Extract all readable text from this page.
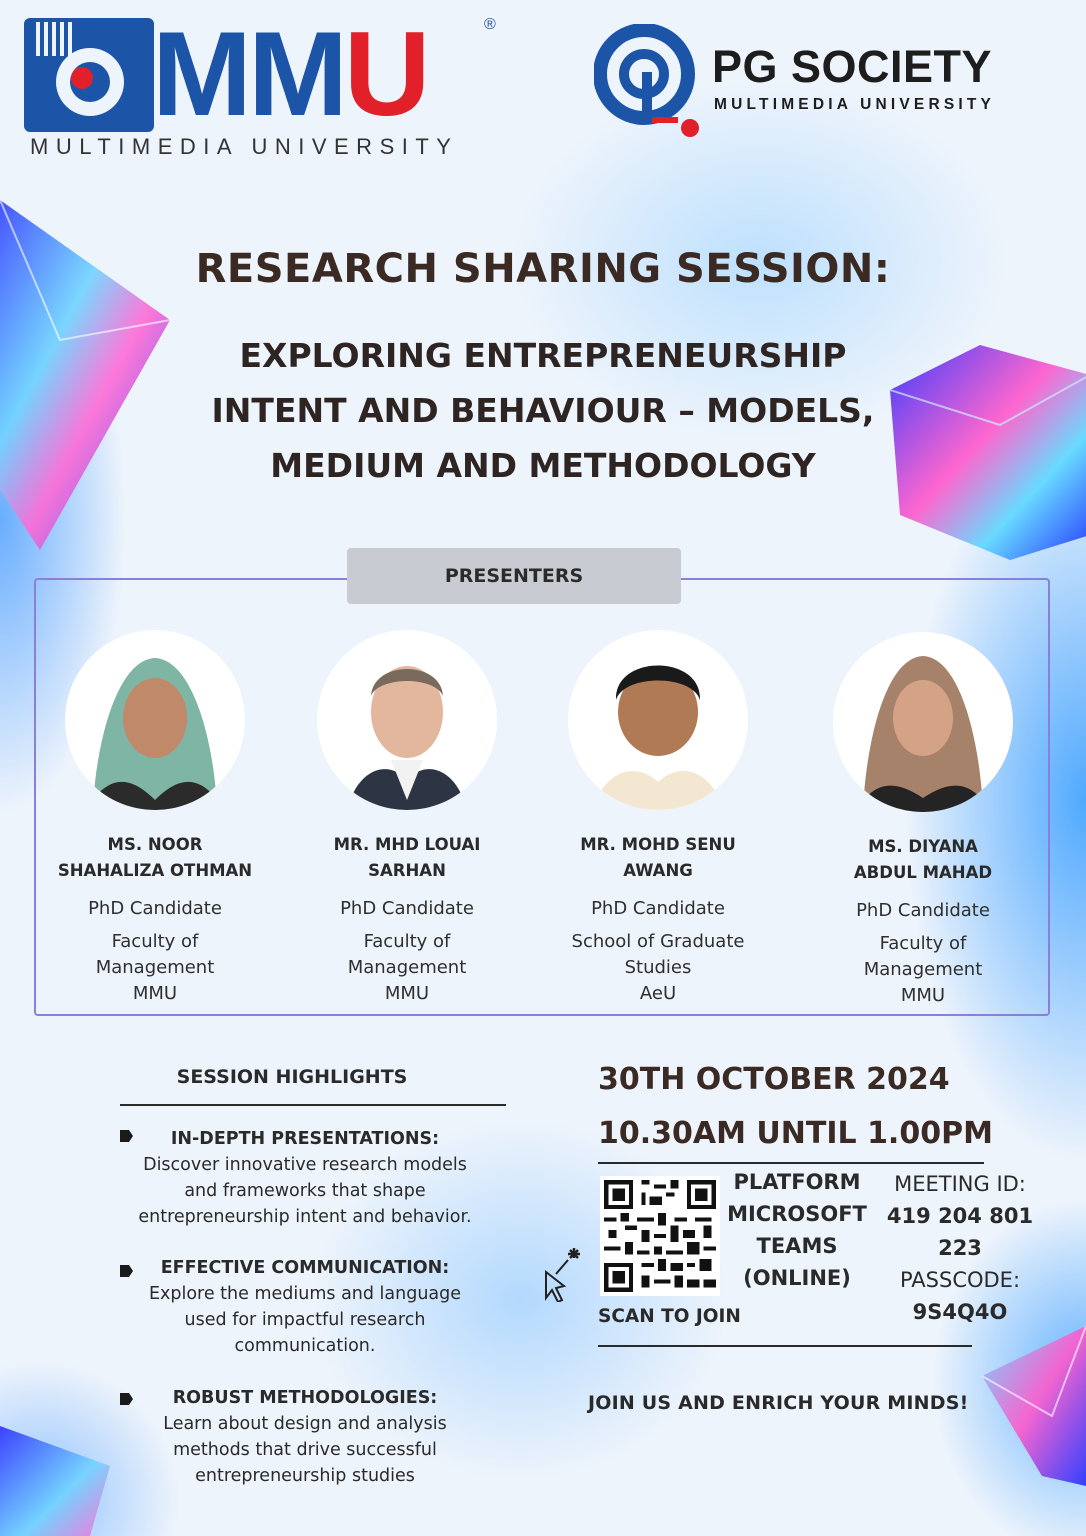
MMU	®
MULTIMEDIA UNIVERSITY
PG SOCIETY
MULTIMEDIA UNIVERSITY
RESEARCH SHARING SESSION:
EXPLORING ENTREPRENEURSHIP
INTENT AND BEHAVIOUR – MODELS,
MEDIUM AND METHODOLOGY
PRESENTERS
MS. NOOR
SHAHALIZA OTHMAN
PhD Candidate
Faculty of
Management
MMU
MR. MHD LOUAI
SARHAN
PhD Candidate
Faculty of
Management
MMU
MR. MOHD SENU
AWANG
PhD Candidate
School of Graduate
Studies
AeU
MS. DIYANA
ABDUL MAHAD
PhD Candidate
Faculty of
Management
MMU
SESSION HIGHLIGHTS
IN-DEPTH PRESENTATIONS:
Discover innovative research models
and frameworks that shape
entrepreneurship intent and behavior.
EFFECTIVE COMMUNICATION:
Explore the mediums and language
used for impactful research
communication.
ROBUST METHODOLOGIES:
Learn about design and analysis
methods that drive successful
entrepreneurship studies
30TH OCTOBER 2024
10.30AM UNTIL 1.00PM
PLATFORM
MICROSOFT
TEAMS
(ONLINE)
MEETING ID:
419 204 801 223
PASSCODE:
9S4Q4O
SCAN TO JOIN
JOIN US AND ENRICH YOUR MINDS!
